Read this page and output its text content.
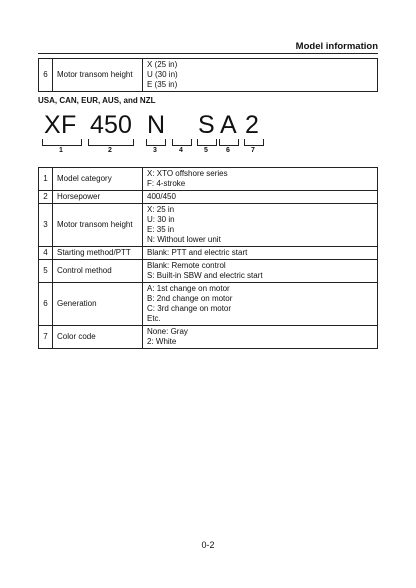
Model information
6	Motor transom height	
X (25 in)
U (30 in)
E (35 in)
USA, CAN, EUR, AUS, and NZL
X F 4 5 0 N S A 2
1	2	3	4	5	6	7
1	Model category	X: XTO offshore series
F: 4-stroke

2	Horsepower	400/450

3	Motor transom height	X: 25 in
U: 30 in
E: 35 in
N: Without lower unit

4	Starting method/PTT	Blank: PTT and electric start

5	Control method	Blank: Remote control
S: Built-in SBW and electric start

6	Generation	A: 1st change on motor
B: 2nd change on motor
C: 3rd change on motor
Etc.

7	Color code	None: Gray
2: White
0-2
